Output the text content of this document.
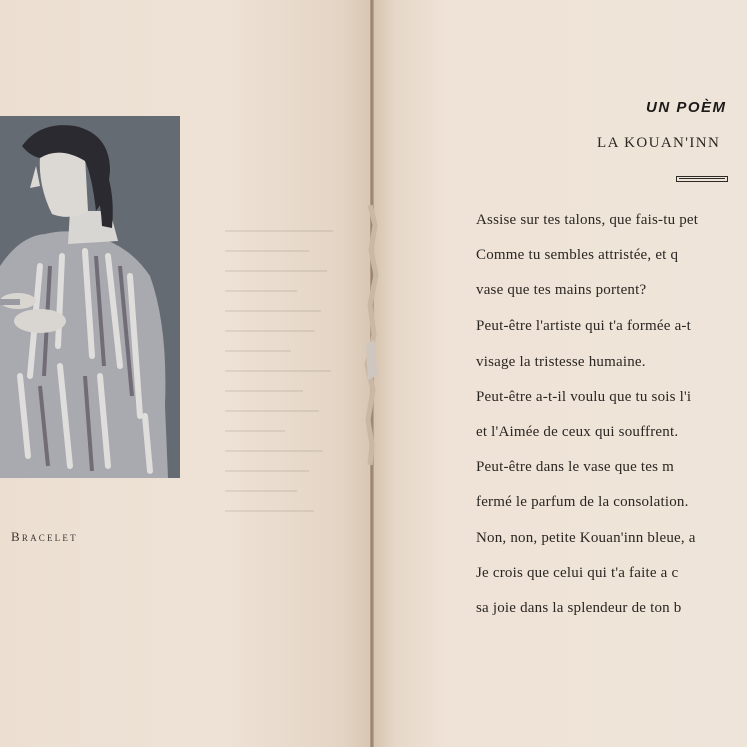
Bracelet
UN POÈM
LA KOUAN'INN
Assise sur tes talons, que fais-tu pet
Comme tu sembles attristée, et q
vase que tes mains portent?
Peut-être l'artiste qui t'a formée a-t
visage la tristesse humaine.
Peut-être a-t-il voulu que tu sois l'i
et l'Aimée de ceux qui souffrent.
Peut-être dans le vase que tes m
fermé le parfum de la consolation.
Non, non, petite Kouan'inn bleue, a
Je crois que celui qui t'a faite a c
sa joie dans la splendeur de ton b
